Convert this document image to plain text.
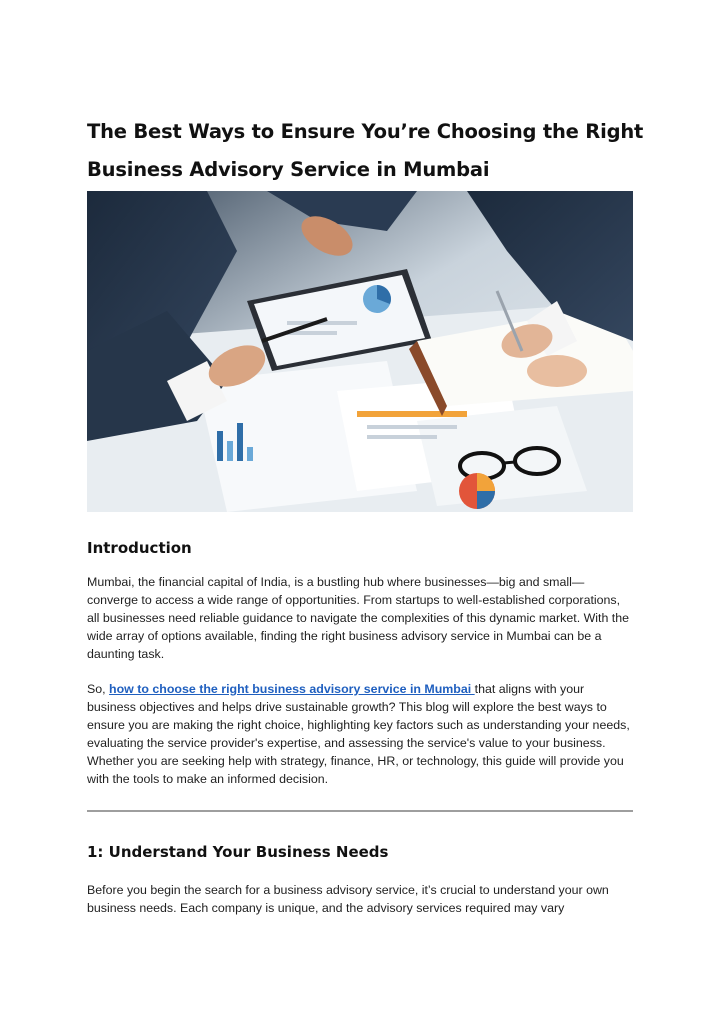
The Best Ways to Ensure You’re Choosing the Right Business Advisory Service in Mumbai
Introduction

Mumbai, the financial capital of India, is a bustling hub where businesses—big and small—converge to access a wide range of opportunities. From startups to well-established corporations, all businesses need reliable guidance to navigate the complexities of this dynamic market. With the wide array of options available, finding the right business advisory service in Mumbai can be a daunting task.

So, how to choose the right business advisory service in Mumbai that aligns with your business objectives and helps drive sustainable growth? This blog will explore the best ways to ensure you are making the right choice, highlighting key factors such as understanding your needs, evaluating the service provider's expertise, and assessing the service's value to your business. Whether you are seeking help with strategy, finance, HR, or technology, this guide will provide you with the tools to make an informed decision.

1: Understand Your Business Needs

Before you begin the search for a business advisory service, it’s crucial to understand your own business needs. Each company is unique, and the advisory services required may vary
